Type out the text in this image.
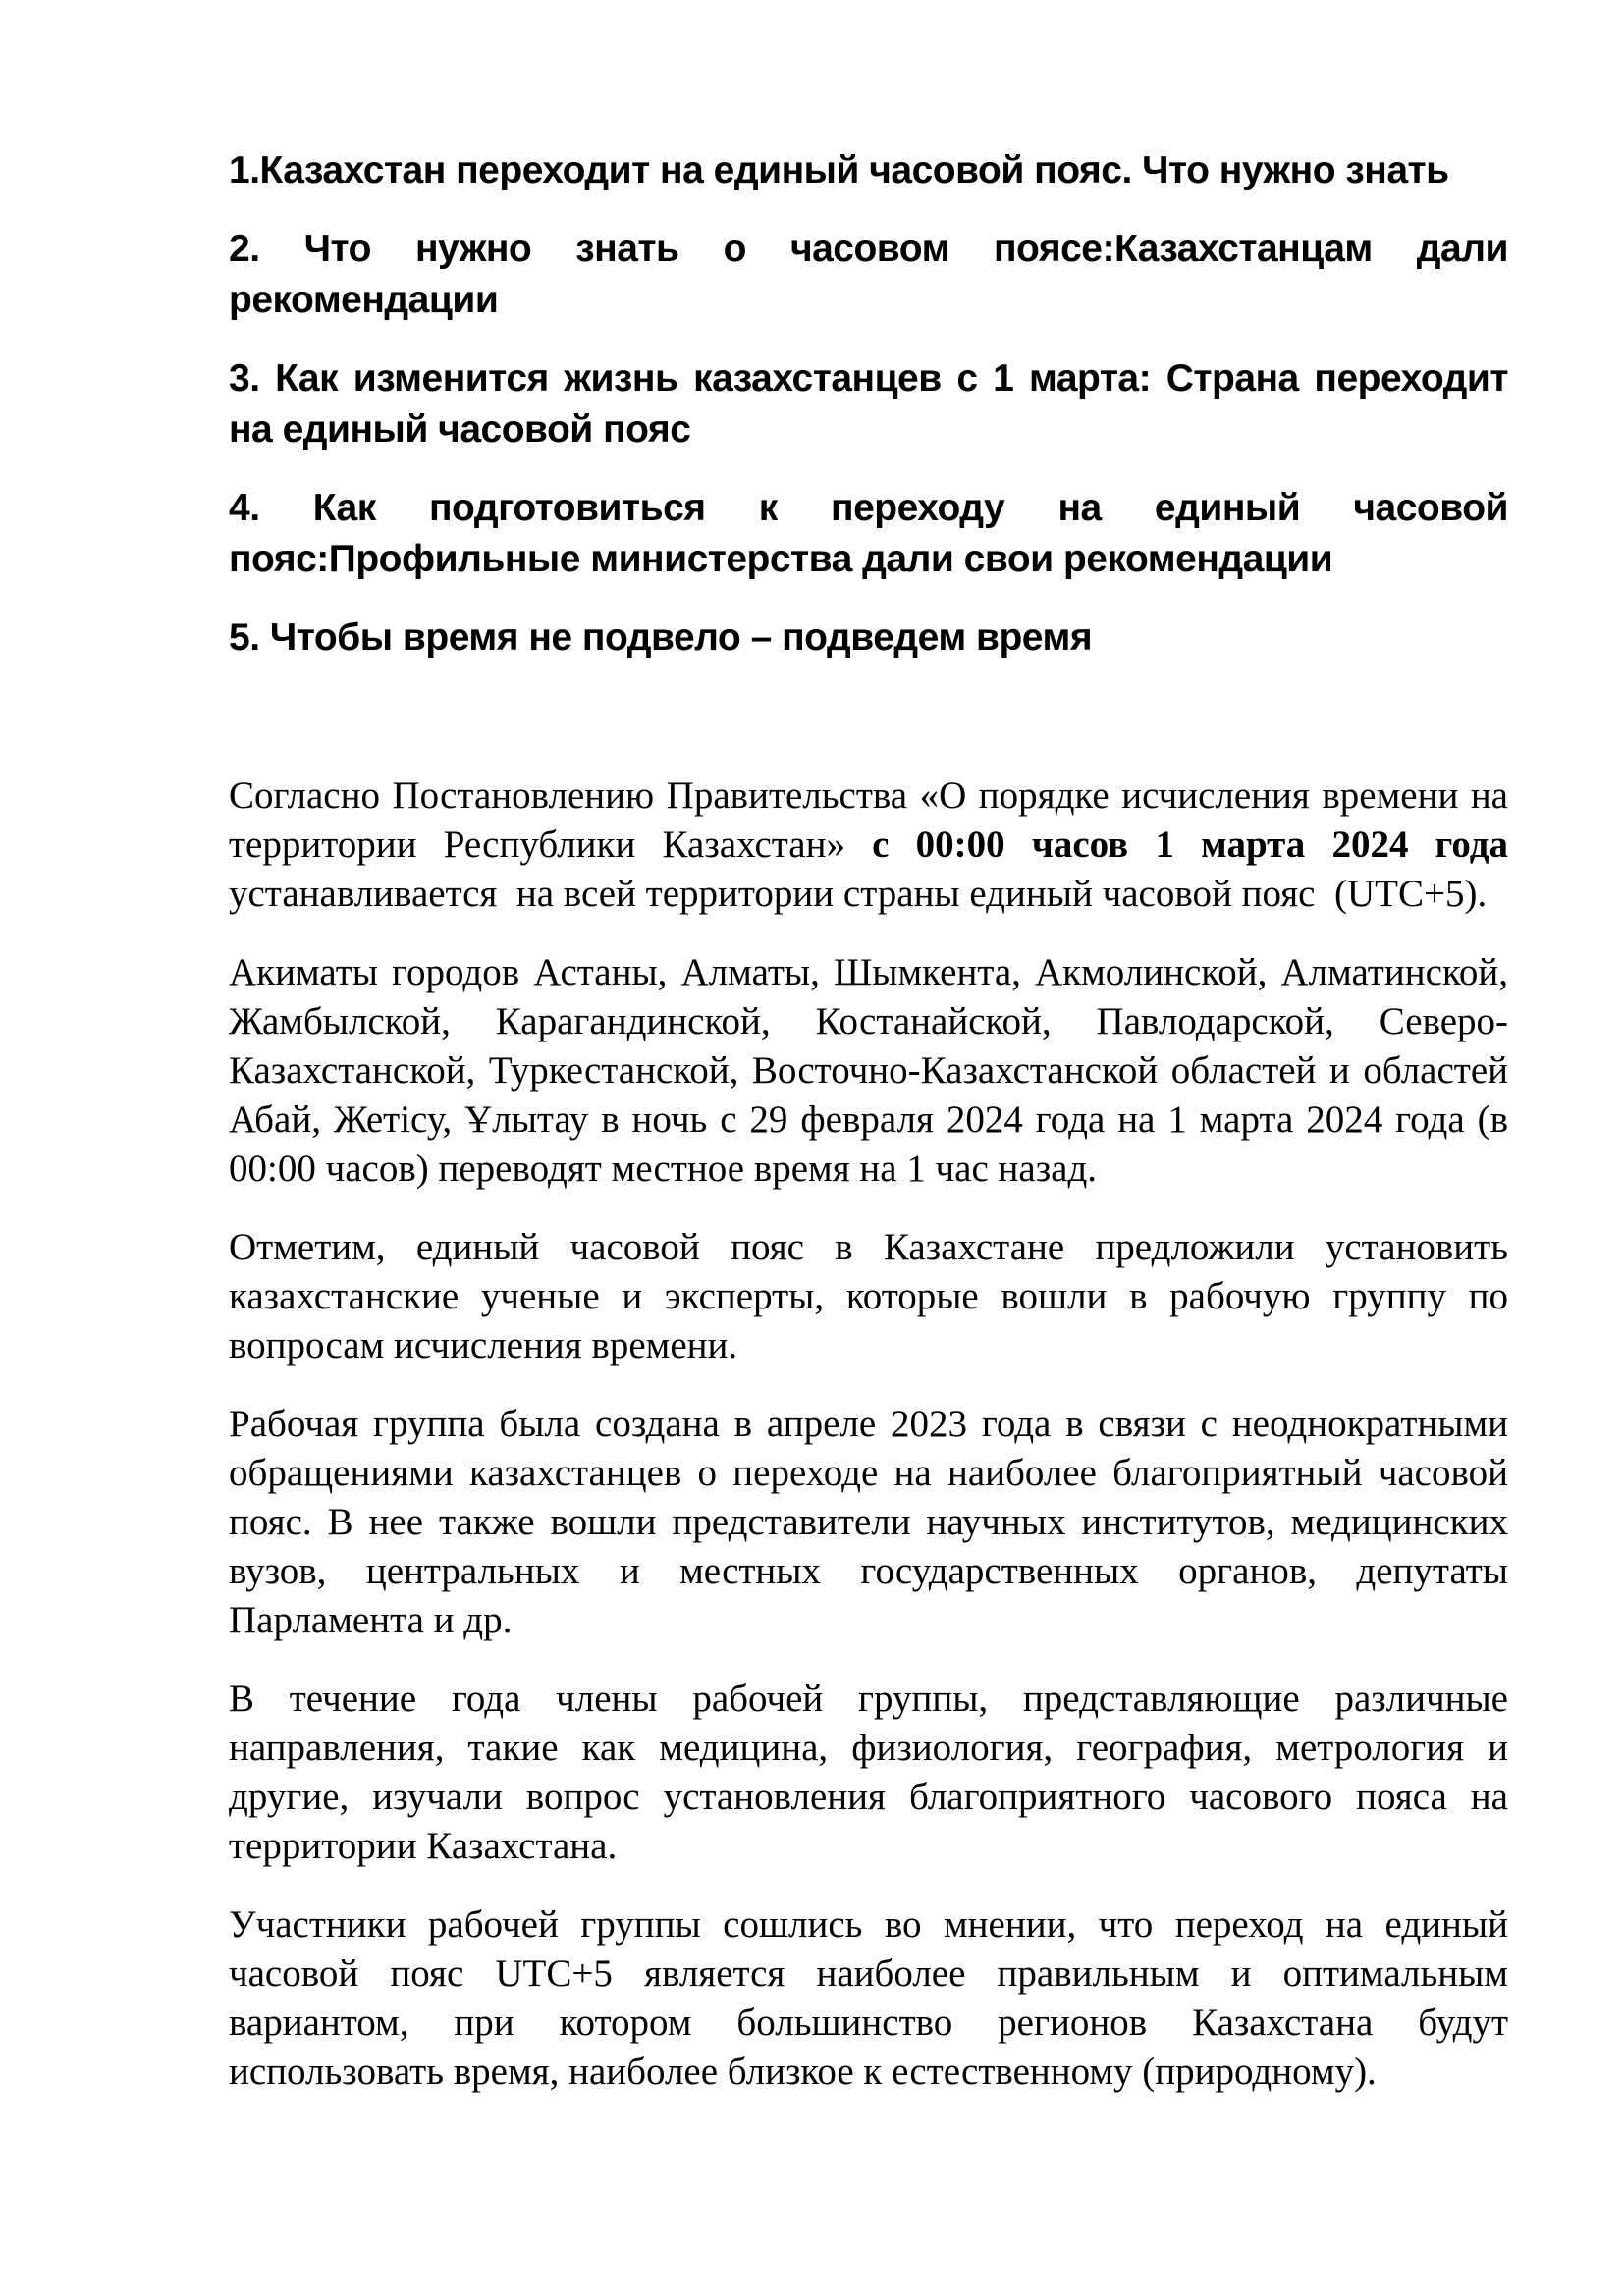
1.Казахстан переходит на единый часовой пояс. Что нужно знать
2. Что нужно знать о часовом поясе:Казахстанцам дали рекомендации
3. Как изменится жизнь казахстанцев с 1 марта: Страна переходит на единый часовой пояс
4. Как подготовиться к переходу на единый часовой пояс:Профильные министерства дали свои рекомендации
5. Чтобы время не подвело – подведем время

Согласно Постановлению Правительства «О порядке исчисления времени на территории Республики Казахстан» с 00:00 часов 1 марта 2024 года устанавливается  на всей территории страны единый часовой пояс  (UTC+5).

Акиматы городов Астаны, Алматы, Шымкента, Акмолинской, Алматинской, Жамбылской, Карагандинской, Костанайской, Павлодарской, Северо-Казахстанской, Туркестанской, Восточно-Казахстанской областей и областей Абай, Жетісу, Ұлытау в ночь с 29 февраля 2024 года на 1 марта 2024 года (в 00:00 часов) переводят местное время на 1 час назад.

Отметим, единый часовой пояс в Казахстане предложили установить казахстанские ученые и эксперты, которые вошли в рабочую группу по вопросам исчисления времени.

Рабочая группа была создана в апреле 2023 года в связи с неоднократными обращениями казахстанцев о переходе на наиболее благоприятный часовой пояс. В нее также вошли представители научных институтов, медицинских вузов, центральных и местных государственных органов, депутаты Парламента и др.

В течение года члены рабочей группы, представляющие различные направления, такие как медицина, физиология, география, метрология и другие, изучали вопрос установления благоприятного часового пояса на территории Казахстана.

Участники рабочей группы сошлись во мнении, что переход на единый часовой пояс UTC+5 является наиболее правильным и оптимальным вариантом, при котором большинство регионов Казахстана будут использовать время, наиболее близкое к естественному (природному).
